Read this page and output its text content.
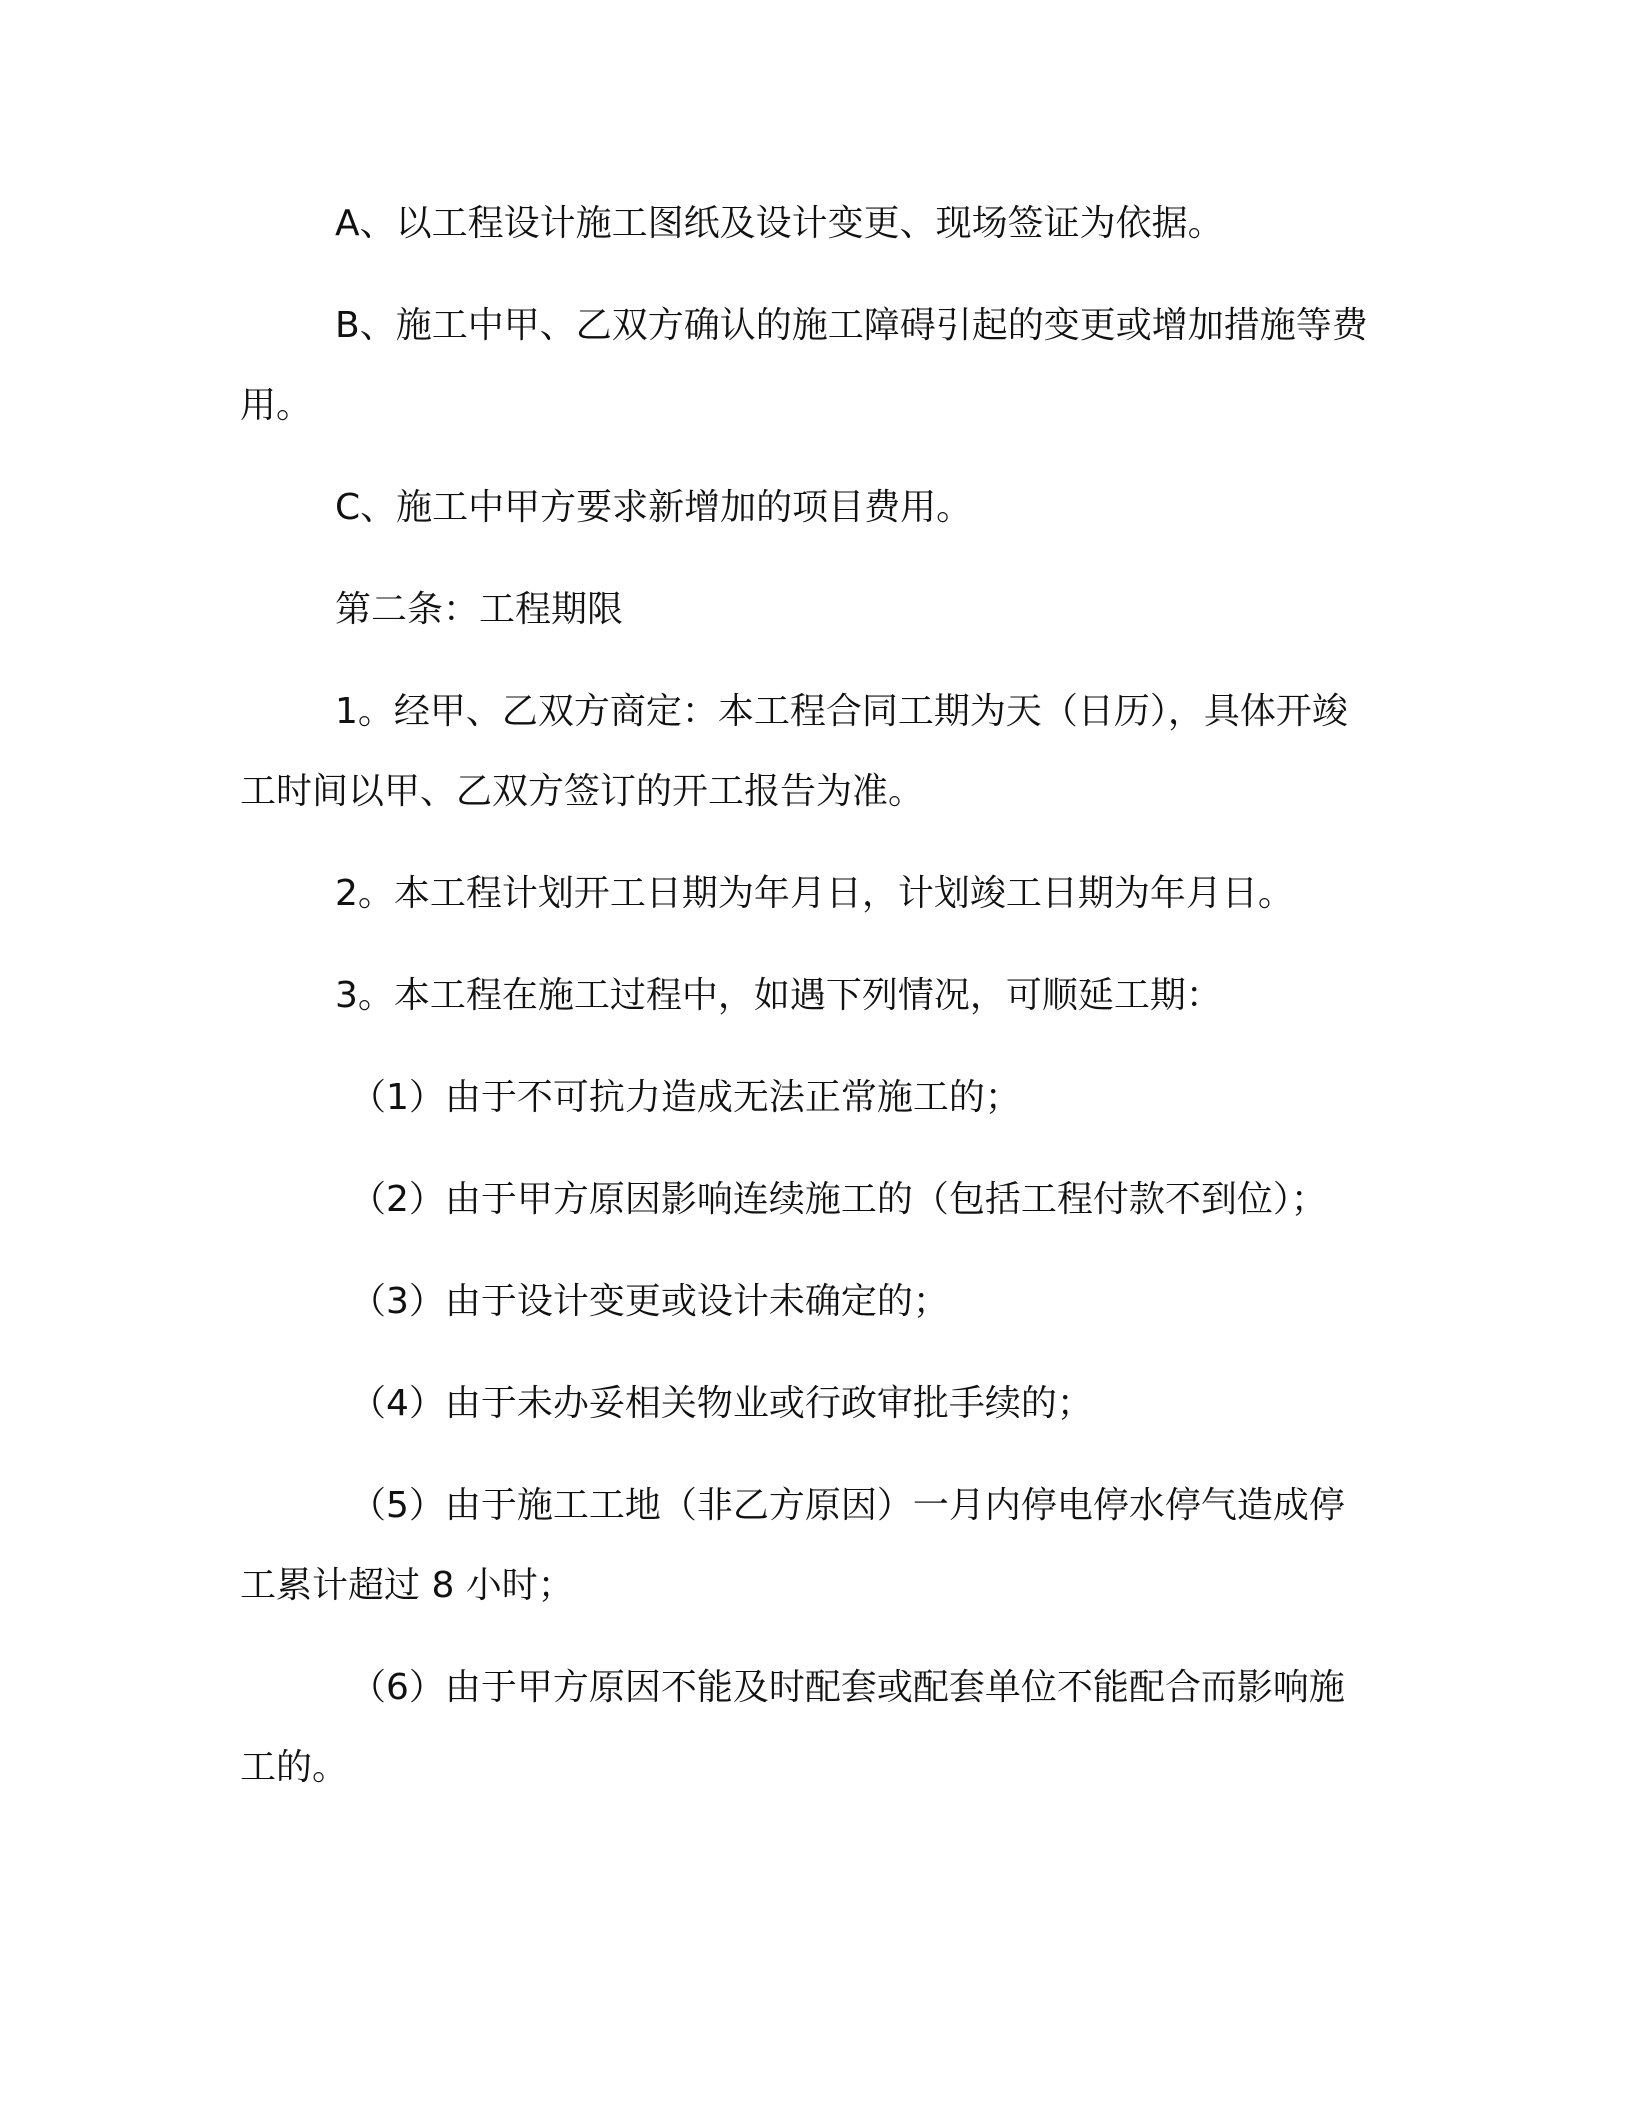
A、以工程设计施工图纸及设计变更、现场签证为依据。

B、施工中甲、乙双方确认的施工障碍引起的变更或增加措施等费用。

C、施工中甲方要求新增加的项目费用。

第二条：工程期限

1。经甲、乙双方商定：本工程合同工期为天（日历），具体开竣工时间以甲、乙双方签订的开工报告为准。

2。本工程计划开工日期为年月日，计划竣工日期为年月日。

3。本工程在施工过程中，如遇下列情况，可顺延工期：

（1）由于不可抗力造成无法正常施工的；

（2）由于甲方原因影响连续施工的（包括工程付款不到位）；

（3）由于设计变更或设计未确定的；

（4）由于未办妥相关物业或行政审批手续的；

（5）由于施工工地（非乙方原因）一月内停电停水停气造成停工累计超过 8 小时；

（6）由于甲方原因不能及时配套或配套单位不能配合而影响施工的。
